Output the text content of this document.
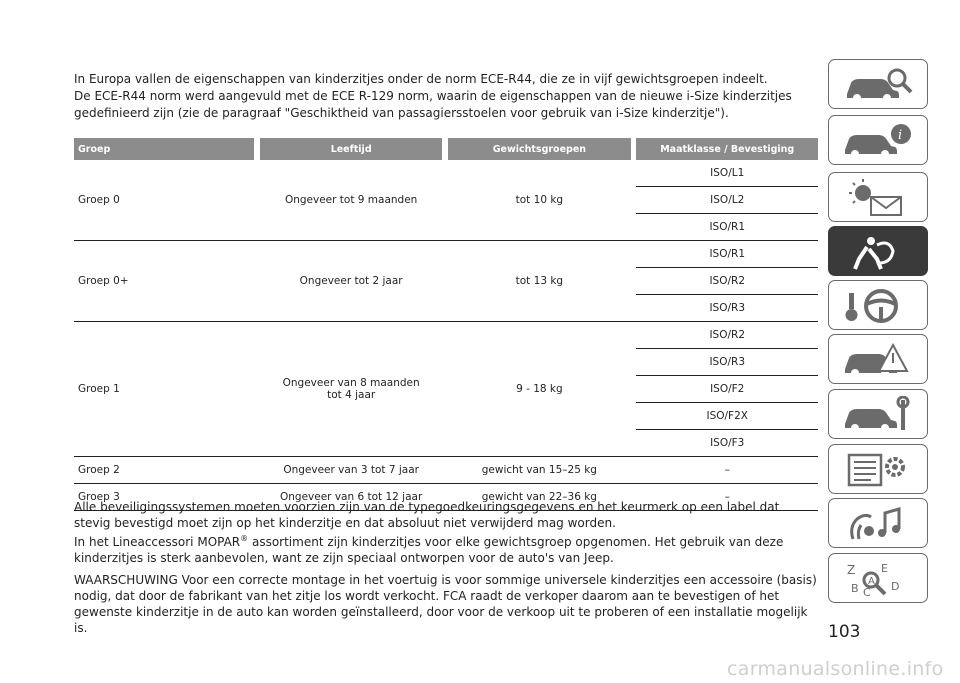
In Europa vallen de eigenschappen van kinderzitjes onder de norm ECE-R44, die ze in vijf gewichtsgroepen indeelt.

De ECE-R44 norm werd aangevuld met de ECE R-129 norm, waarin de eigenschappen van de nieuwe i-Size kinderzitjes gedefinieerd zijn (zie de paragraaf "Geschiktheid van passagiersstoelen voor gebruik van i-Size kinderzitje").

Groep		Leeftijd		Gewichtsgroepen		Maatklasse / Bevestiging
Groep 0		Ongeveer tot 9 maanden		tot 10 kg		ISO/L1
						ISO/L2
						ISO/R1
Groep 0+		Ongeveer tot 2 jaar		tot 13 kg		ISO/R1
						ISO/R2
						ISO/R3
Groep 1		Ongeveer van 8 maanden tot 4 jaar		9 - 18 kg		ISO/R2
						ISO/R3
						ISO/F2
						ISO/F2X
						ISO/F3
Groep 2		Ongeveer van 3 tot 7 jaar		gewicht van 15–25 kg		–
Groep 3		Ongeveer van 6 tot 12 jaar		gewicht van 22–36 kg		–

Alle beveiligingssystemen moeten voorzien zijn van de typegoedkeuringsgegevens en het keurmerk op een label dat stevig bevestigd moet zijn op het kinderzitje en dat absoluut niet verwijderd mag worden.

In het Lineaccessori MOPAR® assortiment zijn kinderzitjes voor elke gewichtsgroep opgenomen. Het gebruik van deze kinderzitjes is sterk aanbevolen, want ze zijn speciaal ontworpen voor de auto's van Jeep.

WAARSCHUWING Voor een correcte montage in het voertuig is voor sommige universele kinderzitjes een accessoire (basis) nodig, dat door de fabrikant van het zitje los wordt verkocht. FCA raadt de verkoper daarom aan te bevestigen of het gewenste kinderzitje in de auto kan worden geïnstalleerd, door voor de verkoop uit te proberen of een installatie mogelijk is.	103
carmanualsonline.info
i
Z E
B C D
A
